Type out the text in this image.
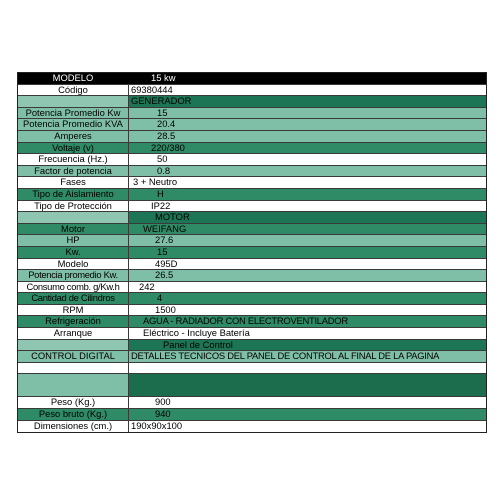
MODELO	15 kw
Código	69380444
GENERADOR
Potencia Promedio Kw	15
Potencia Promedio KVA	20.4
Amperes	28.5
Voltaje (v)	220/380
Frecuencia (Hz.)	50
Factor de potencia	0.8
Fases	3 + Neutro
Tipo de Aislamiento	H
Tipo de Protección	IP22
MOTOR
Motor	WEIFANG
HP	27.6
Kw.	15
Modelo	495D
Potencia promedio Kw.	26.5
Consumo comb. g/Kw.h	242
Cantidad de Cilindros	4
RPM	1500
Refrigeración	AGUA - RADIADOR CON ELECTROVENTILADOR
Arranque	Eléctrico - Incluye Batería
Panel de Control
CONTROL DIGITAL	DETALLES TECNICOS DEL PANEL DE CONTROL AL FINAL DE LA PAGINA
Peso (Kg.)	900
Peso bruto (Kg.)	940
Dimensiones (cm.)	190x90x100
